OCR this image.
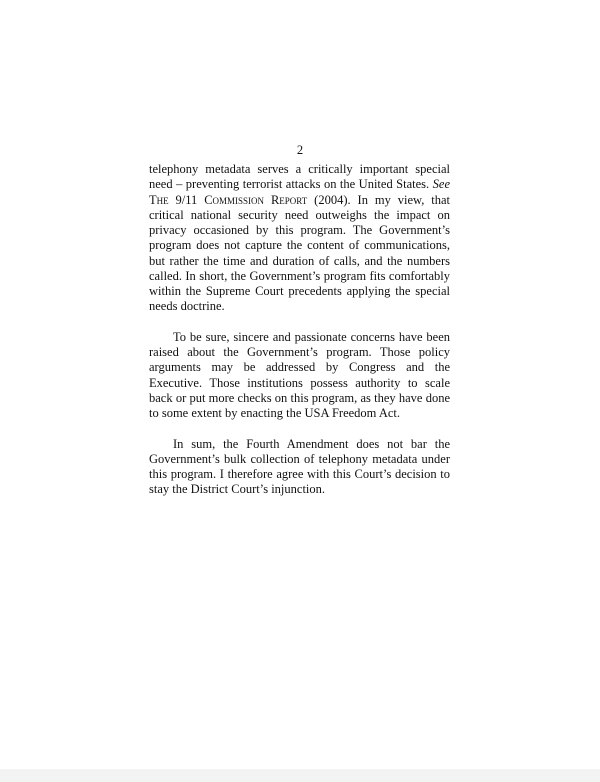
2

telephony metadata serves a critically important special need – preventing terrorist attacks on the United States. See The 9/11 Commission Report (2004). In my view, that critical national security need outweighs the impact on privacy occasioned by this program. The Government’s program does not capture the content of communications, but rather the time and duration of calls, and the numbers called. In short, the Government’s program fits comfortably within the Supreme Court precedents applying the special needs doctrine.

To be sure, sincere and passionate concerns have been raised about the Government’s program. Those policy arguments may be addressed by Congress and the Executive. Those institutions possess authority to scale back or put more checks on this program, as they have done to some extent by enacting the USA Freedom Act.

In sum, the Fourth Amendment does not bar the Government’s bulk collection of telephony metadata under this program. I therefore agree with this Court’s decision to stay the District Court’s injunction.
